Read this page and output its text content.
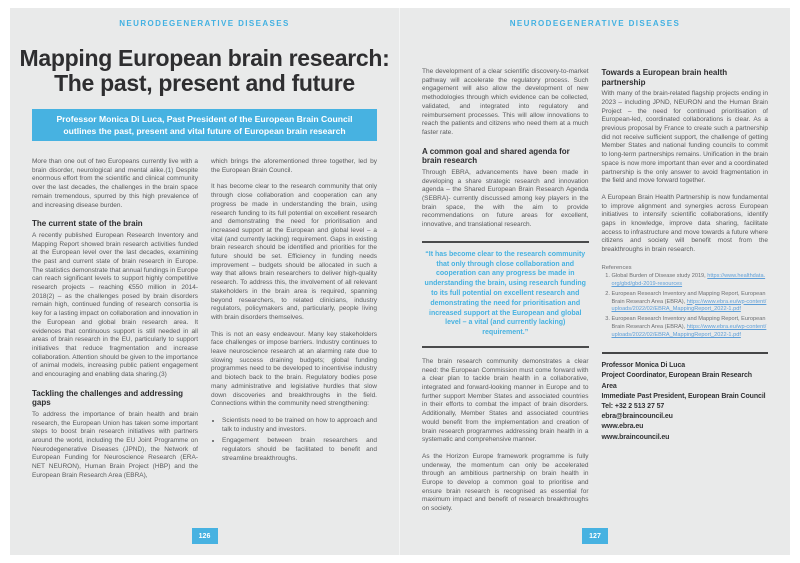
NEURODEGENERATIVE DISEASES
Mapping European brain research:
The past, present and future
Professor Monica Di Luca, Past President of the European Brain Council outlines the past, present and vital future of European brain research

More than one out of two Europeans currently live with a brain disorder, neurological and mental alike.(1) Despite enormous effort from the scientific and clinical community over the last decades, the challenges in the brain space remain tremendous, spurred by this high prevalence of and increasing disease burden.

The current state of the brain

A recently published European Research Inventory and Mapping Report showed brain research activities funded at the European level over the last decades, examining the past and current state of brain research in Europe. The statistics demonstrate that annual fundings in Europe can reach significant levels to support highly competitive research projects – reaching €550 million in 2014-2018(2) – as the challenges posed by brain disorders remain high, continued funding of research consortia is key for a lasting impact on collaboration and innovation in the European and global brain research area. It evidences that continuous support is still needed in all areas of brain research in the EU, particularly to support initiatives that reduce fragmentation and increase collaboration. Attention should be given to the importance of animal models, increasing public patient engagement and encouraging and enabling data sharing.(3)

Tackling the challenges and addressing gaps

To address the importance of brain health and brain research, the European Union has taken some important steps to boost brain research initiatives with partners around the world, including the EU Joint Programme on Neurodegenerative Diseases (JPND), the Network of European Funding for Neuroscience Research (ERA-NET NEURON), Human Brain Project (HBP) and the European Brain Research Area (EBRA),

which brings the aforementioned three together, led by the European Brain Council.

It has become clear to the research community that only through close collaboration and cooperation can any progress be made in understanding the brain, using research funding to its full potential on excellent research and demonstrating the need for prioritisation and increased support at the European and global level – a vital (and currently lacking) requirement. Gaps in existing brain research should be identified and priorities for the future should be set. Efficiency in funding needs improvement – budgets should be allocated in such a way that allows brain researchers to deliver high-quality research. To address this, the involvement of all relevant stakeholders in the brain area is required, spanning beyond researchers, to related clinicians, industry regulators, policymakers and, particularly, people living with brain disorders themselves.

This is not an easy endeavour. Many key stakeholders face challenges or impose barriers. Industry continues to leave neuroscience research at an alarming rate due to slowing success draining budgets; global funding programmes need to be developed to incentivise industry and biotech back to the brain. Regulatory bodies pose many administrative and legislative hurdles that slow down discoveries and breakthroughs in the field. Connections within the community need strengthening:

• Scientists need to be trained on how to approach and talk to industry and investors.
• Engagement between brain researchers and regulators should be facilitated to benefit and streamline breakthroughs.
126
NEURODEGENERATIVE DISEASES

The development of a clear scientific discovery-to-market pathway will accelerate the regulatory process. Such engagement will also allow the development of new methodologies through which evidence can be collected, validated, and integrated into regulatory and reimbursement processes. This will allow innovations to reach the patients and citizens who need them at a much faster rate.

A common goal and shared agenda for brain research

Through EBRA, advancements have been made in developing a share strategic research and innovation agenda – the Shared European Brain Research Agenda (SEBRA)- currently discussed among key players in the brain space, the with the aim to provide recommendations on future areas for excellent, innovative, and translational research.

“It has become clear to the research community that only through close collaboration and cooperation can any progress be made in understanding the brain, using research funding to its full potential on excellent research and demonstrating the need for prioritisation and increased support at the European and global level – a vital (and currently lacking) requirement.”

The brain research community demonstrates a clear need: the European Commission must come forward with a clear plan to tackle brain health in a collaborative, integrated and forward-looking manner in Europe and to further support Member States and associated countries in their efforts to combat the impact of brain disorders. Additionally, Member States and associated countries would benefit from the implementation and creation of brain research programmes addressing brain health in a systematic and comprehensive manner.

As the Horizon Europe framework programme is fully underway, the momentum can only be accelerated through an ambitious partnership on brain health in Europe to develop a common goal to prioritise and ensure brain research is recognised as essential for maximum impact and benefit of research breakthroughs on society.

Towards a European brain health partnership

With many of the brain-related flagship projects ending in 2023 – including JPND, NEURON and the Human Brain Project – the need for continued prioritisation of European-led, coordinated collaborations is clear. As a previous proposal by France to create such a partnership did not receive sufficient support, the challenge of getting Member States and national funding councils to commit to long-term partnerships remains. Unification in the brain space is now more important than ever and a coordinated partnership is the only answer to avoid fragmentation in the field and move forward together.

A European Brain Health Partnership is now fundamental to improve alignment and synergies across European initiatives to intensify scientific collaborations, identify gaps in knowledge, improve data sharing, facilitate access to infrastructure and move towards a future where citizens and society will benefit most from the breakthroughs in brain research.

References
1. Global Burden of Disease study 2019, https://www.healthdata.org/gbd/gbd-2019-resources
2. European Research Inventory and Mapping Report, European Brain Research Area (EBRA), https://www.ebra.eu/wp-content/uploads/2022/02/EBRA_MappingReport_2022-1.pdf
3. European Research Inventory and Mapping Report, European Brain Research Area (EBRA), https://www.ebra.eu/wp-content/uploads/2022/02/EBRA_MappingReport_2022-1.pdf
Professor Monica Di Luca
Project Coordinator, European Brain Research Area
Immediate Past President, European Brain Council
Tel: +32 2 513 27 57
ebra@braincouncil.eu
www.ebra.eu
www.braincouncil.eu
127
